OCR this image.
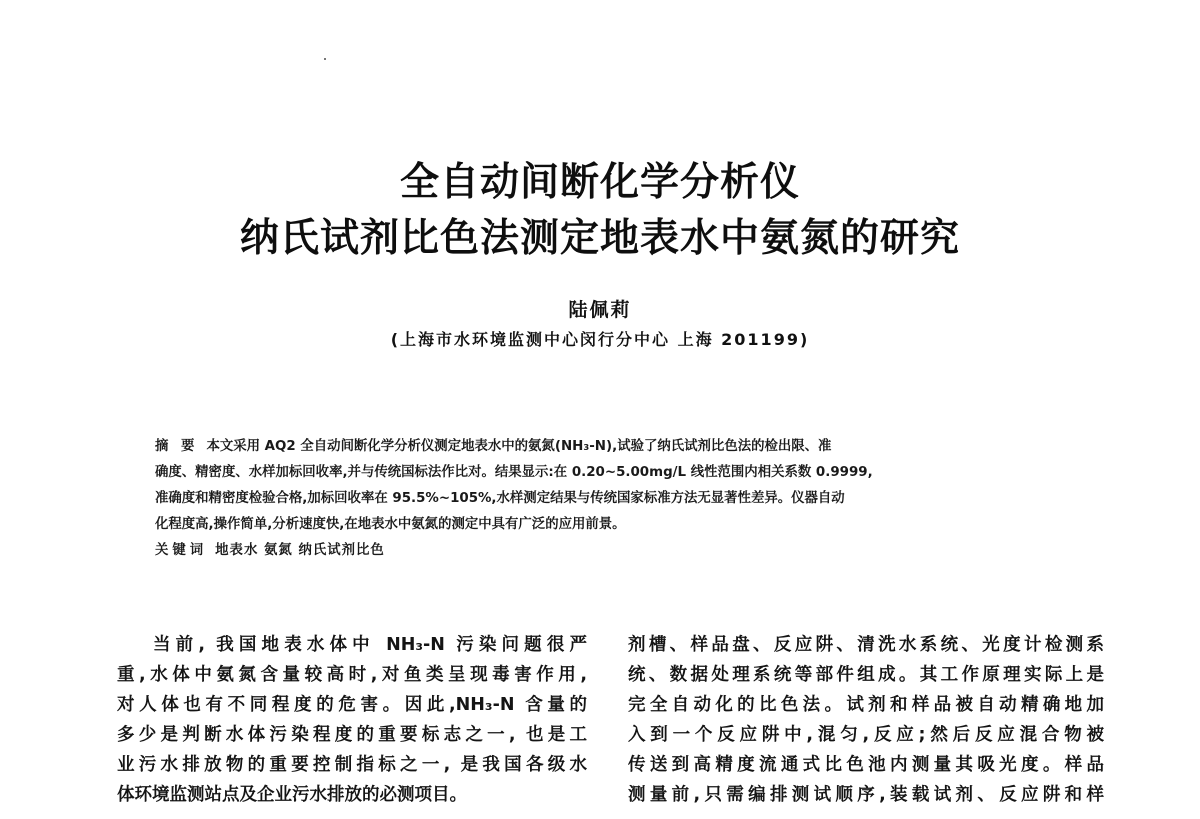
全自动间断化学分析仪
纳氏试剂比色法测定地表水中氨氮的研究
陆佩莉
(上海市水环境监测中心闵行分中心 上海 201199)
摘 要 本文采用 AQ2 全自动间断化学分析仪测定地表水中的氨氮(NH₃-N),试验了纳氏试剂比色法的检出限、准
确度、精密度、水样加标回收率,并与传统国标法作比对。结果显示:在 0.20~5.00mg/L 线性范围内相关系数 0.9999,
准确度和精密度检验合格,加标回收率在 95.5%~105%,水样测定结果与传统国家标准方法无显著性差异。仪器自动
化程度高,操作简单,分析速度快,在地表水中氨氮的测定中具有广泛的应用前景。
关键词 地表水 氨氮 纳氏试剂比色
当前, 我国地表水体中 NH₃-N 污染问题很严
重,水体中氨氮含量较高时,对鱼类呈现毒害作用,
对人体也有不同程度的危害。因此,NH₃-N 含量的
多少是判断水体污染程度的重要标志之一, 也是工
业污水排放物的重要控制指标之一, 是我国各级水
体环境监测站点及企业污水排放的必测项目。
剂槽、样品盘、反应阱、清洗水系统、光度计检测系
统、数据处理系统等部件组成。其工作原理实际上是
完全自动化的比色法。试剂和样品被自动精确地加
入到一个反应阱中,混匀,反应;然后反应混合物被
传送到高精度流通式比色池内测量其吸光度。样品
测量前,只需编排测试顺序,装载试剂、反应阱和样
